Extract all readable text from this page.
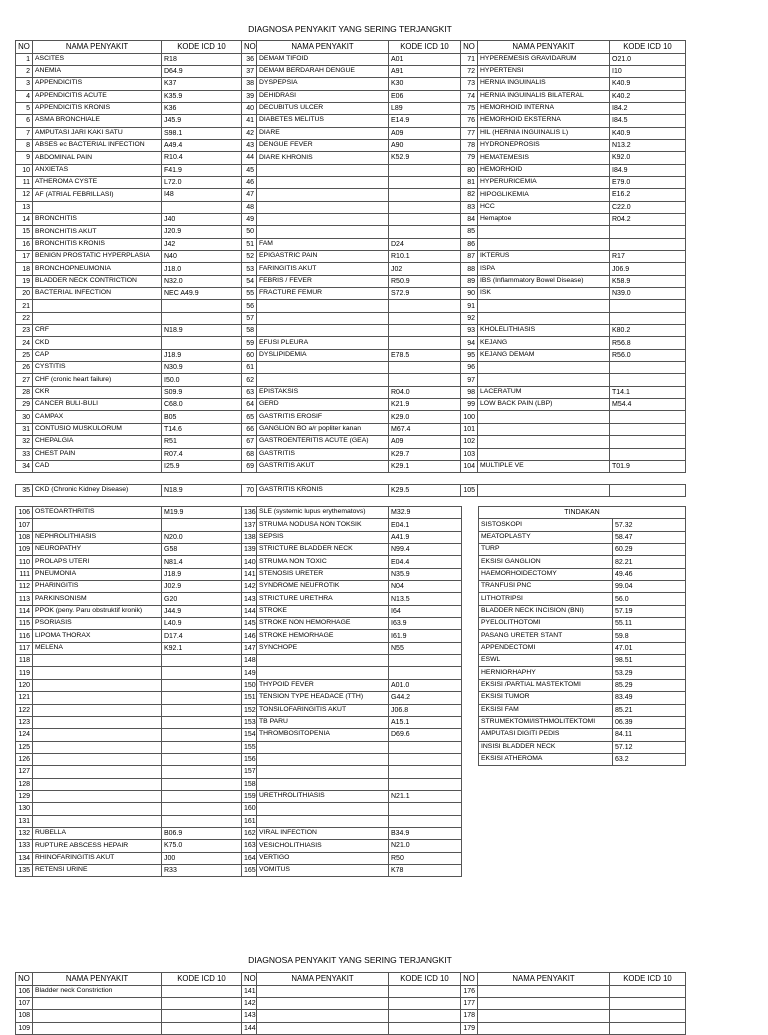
DIAGNOSA PENYAKIT YANG SERING TERJANGKIT
NO	NAMA PENYAKIT	KODE ICD 10	NO	NAMA PENYAKIT	KODE ICD 10	NO	NAMA PENYAKIT	KODE ICD 10
1	ASCITES	R18	36	DEMAM TIFOID	A01	71	HYPEREMESIS GRAVIDARUM	O21.0
2	ANEMIA	D64.9	37	DEMAM BERDARAH DENGUE	A91	72	HYPERTENSI	I10
3	APPENDICITIS	K37	38	DYSPEPSIA	K30	73	HERNIA INGUINALIS	K40.9
4	APPENDICITIS ACUTE	K35.9	39	DEHIDRASI	E06	74	HERNIA INGUINALIS BILATERAL	K40.2
5	APPENDICITIS KRONIS	K36	40	DECUBITUS ULCER	L89	75	HEMORHOID INTERNA	I84.2
6	ASMA BRONCHIALE	J45.9	41	DIABETES MELITUS	E14.9	76	HEMORHOID EKSTERNA	I84.5
7	AMPUTASI JARI KAKI SATU	S98.1	42	DIARE	A09	77	HIL (HERNIA INGUINALIS L)	K40.9
8	ABSES ec BACTERIAL INFECTION	A49.4	43	DENGUE FEVER	A90	78	HYDRONEPROSIS	N13.2
9	ABDOMINAL PAIN	R10.4	44	DIARE KHRONIS	K52.9	79	HEMATEMESIS	K92.0
10	ANXIETAS	F41.9	45			80	HEMORHOID	I84.9
11	ATHEROMA CYSTE	L72.0	46			81	HYPERURICEMIA	E79.0
12	AF (ATRIAL FEBRILLASI)	I48	47			82	HIPOGLIKEMIA	E16.2
13			48			83	HCC	C22.0
14	BRONCHITIS	J40	49			84	Hemaptoe	R04.2
15	BRONCHITIS AKUT	J20.9	50			85		
16	BRONCHITIS KRONIS	J42	51	FAM	D24	86		
17	BENIGN PROSTATIC HYPERPLASIA	N40	52	EPIGASTRIC PAIN	R10.1	87	IKTERUS	R17
18	BRONCHOPNEUMONIA	J18.0	53	FARINGITIS AKUT	J02	88	ISPA	J06.9
19	BLADDER NECK CONTRICTION	N32.0	54	FEBRIS / FEVER	R50.9	89	IBS (Inflammatory Bowel Disease)	K58.9
20	BACTERIAL INFECTION	NEC A49.9	55	FRACTURE FEMUR	S72.9	90	ISK	N39.0
21			56			91		
22			57			92		
23	CRF	N18.9	58			93	KHOLELITHIASIS	K80.2
24	CKD		59	EFUSI PLEURA		94	KEJANG	R56.8
25	CAP	J18.9	60	DYSLIPIDEMIA	E78.5	95	KEJANG DEMAM	R56.0
26	CYSTITIS	N30.9	61			96		
27	CHF (cronic heart failure)	I50.0	62			97		
28	CKR	S09.9	63	EPISTAKSIS	R04.0	98	LACERATUM	T14.1
29	CANCER BULI-BULI	C68.0	64	GERD	K21.9	99	LOW BACK PAIN (LBP)	M54.4
30	CAMPAX	B05	65	GASTRITIS EROSIF	K29.0	100		
31	CONTUSIO MUSKULORUM	T14.6	66	GANGLION BO a/r popliter kanan	M67.4	101		
32	CHEPALGIA	R51	67	GASTROENTERITIS ACUTE (GEA)	A09	102		
33	CHEST PAIN	R07.4	68	GASTRITIS	K29.7	103		
34	CAD	I25.9	69	GASTRITIS AKUT	K29.1	104	MULTIPLE VE	T01.9
35	CKD (Chronic Kidney Disease)	N18.9	70	GASTRITIS KRONIS	K29.5	105		
106	OSTEOARTHRITIS	M19.9	136	SLE (systemic lupus erythematovs)	M32.9
107			137	STRUMA NODUSA NON TOKSIK	E04.1
108	NEPHROLITHIASIS	N20.0	138	SEPSIS	A41.9
109	NEUROPATHY	G58	139	STRICTURE BLADDER NECK	N99.4
110	PROLAPS UTERI	N81.4	140	STRUMA NON TOXIC	E04.4
111	PNEUMONIA	J18.9	141	STENOSIS URETER	N35.9
112	PHARINGITIS	J02.9	142	SYNDROME NEUFROTIK	N04
113	PARKINSONISM	G20	143	STRICTURE URETHRA	N13.5
114	PPOK (peny. Paru obstruktif kronik)	J44.9	144	STROKE	I64
115	PSORIASIS	L40.9	145	STROKE NON HEMORHAGE	I63.9
116	LIPOMA THORAX	D17.4	146	STROKE HEMORHAGE	I61.9
117	MELENA	K92.1	147	SYNCHOPE	N55
118			148		
119			149		
120			150	THYPOID FEVER	A01.0
121			151	TENSION TYPE HEADACE (TTH)	G44.2
122			152	TONSILOFARINGITIS AKUT	J06.8
123			153	TB PARU	A15.1
124			154	THROMBOSITOPENIA	D69.6
125			155		
126			156		
127			157		
128			158		
129			159	URETHROLITHIASIS	N21.1
130			160		
131			161		
132	RUBELLA	B06.9	162	VIRAL INFECTION	B34.9
133	RUPTURE ABSCESS HEPAIR	K75.0	163	VESICHOLITHIASIS	N21.0
134	RHINOFARINGITIS AKUT	J00	164	VERTIGO	R50
135	RETENSI URINE	R33	165	VOMITUS	K78
TINDAKAN	
SISTOSKOPI	57.32
MEATOPLASTY	58.47
TURP	60.29
EKSISI GANGLION	82.21
HAEMORHOIDECTOMY	49.46
TRANFUSI PNC	99.04
LITHOTRIPSI	56.0
BLADDER NECK INCISION (BNI)	57.19
PYELOLITHOTOMI	55.11
PASANG URETER STANT	59.8
APPENDECTOMI	47.01
ESWL	98.51
HERNIORHAPHY	53.29
EKSISI /PARTIAL MASTEKTOMI	85.29
EKSISI TUMOR	83.49
EKSISI FAM	85.21
STRUMEKTOMI/ISTHMOLITEKTOMI	06.39
AMPUTASI DIGITI PEDIS	84.11
INSISI BLADDER NECK	57.12
EKSISI ATHEROMA	63.2
DIAGNOSA PENYAKIT YANG SERING TERJANGKIT
NO	NAMA PENYAKIT	KODE ICD 10	NO	NAMA PENYAKIT	KODE ICD 10	NO	NAMA PENYAKIT	KODE ICD 10
106	Bladder neck Constriction		141			176		
107			142			177		
108			143			178		
109			144			179		
